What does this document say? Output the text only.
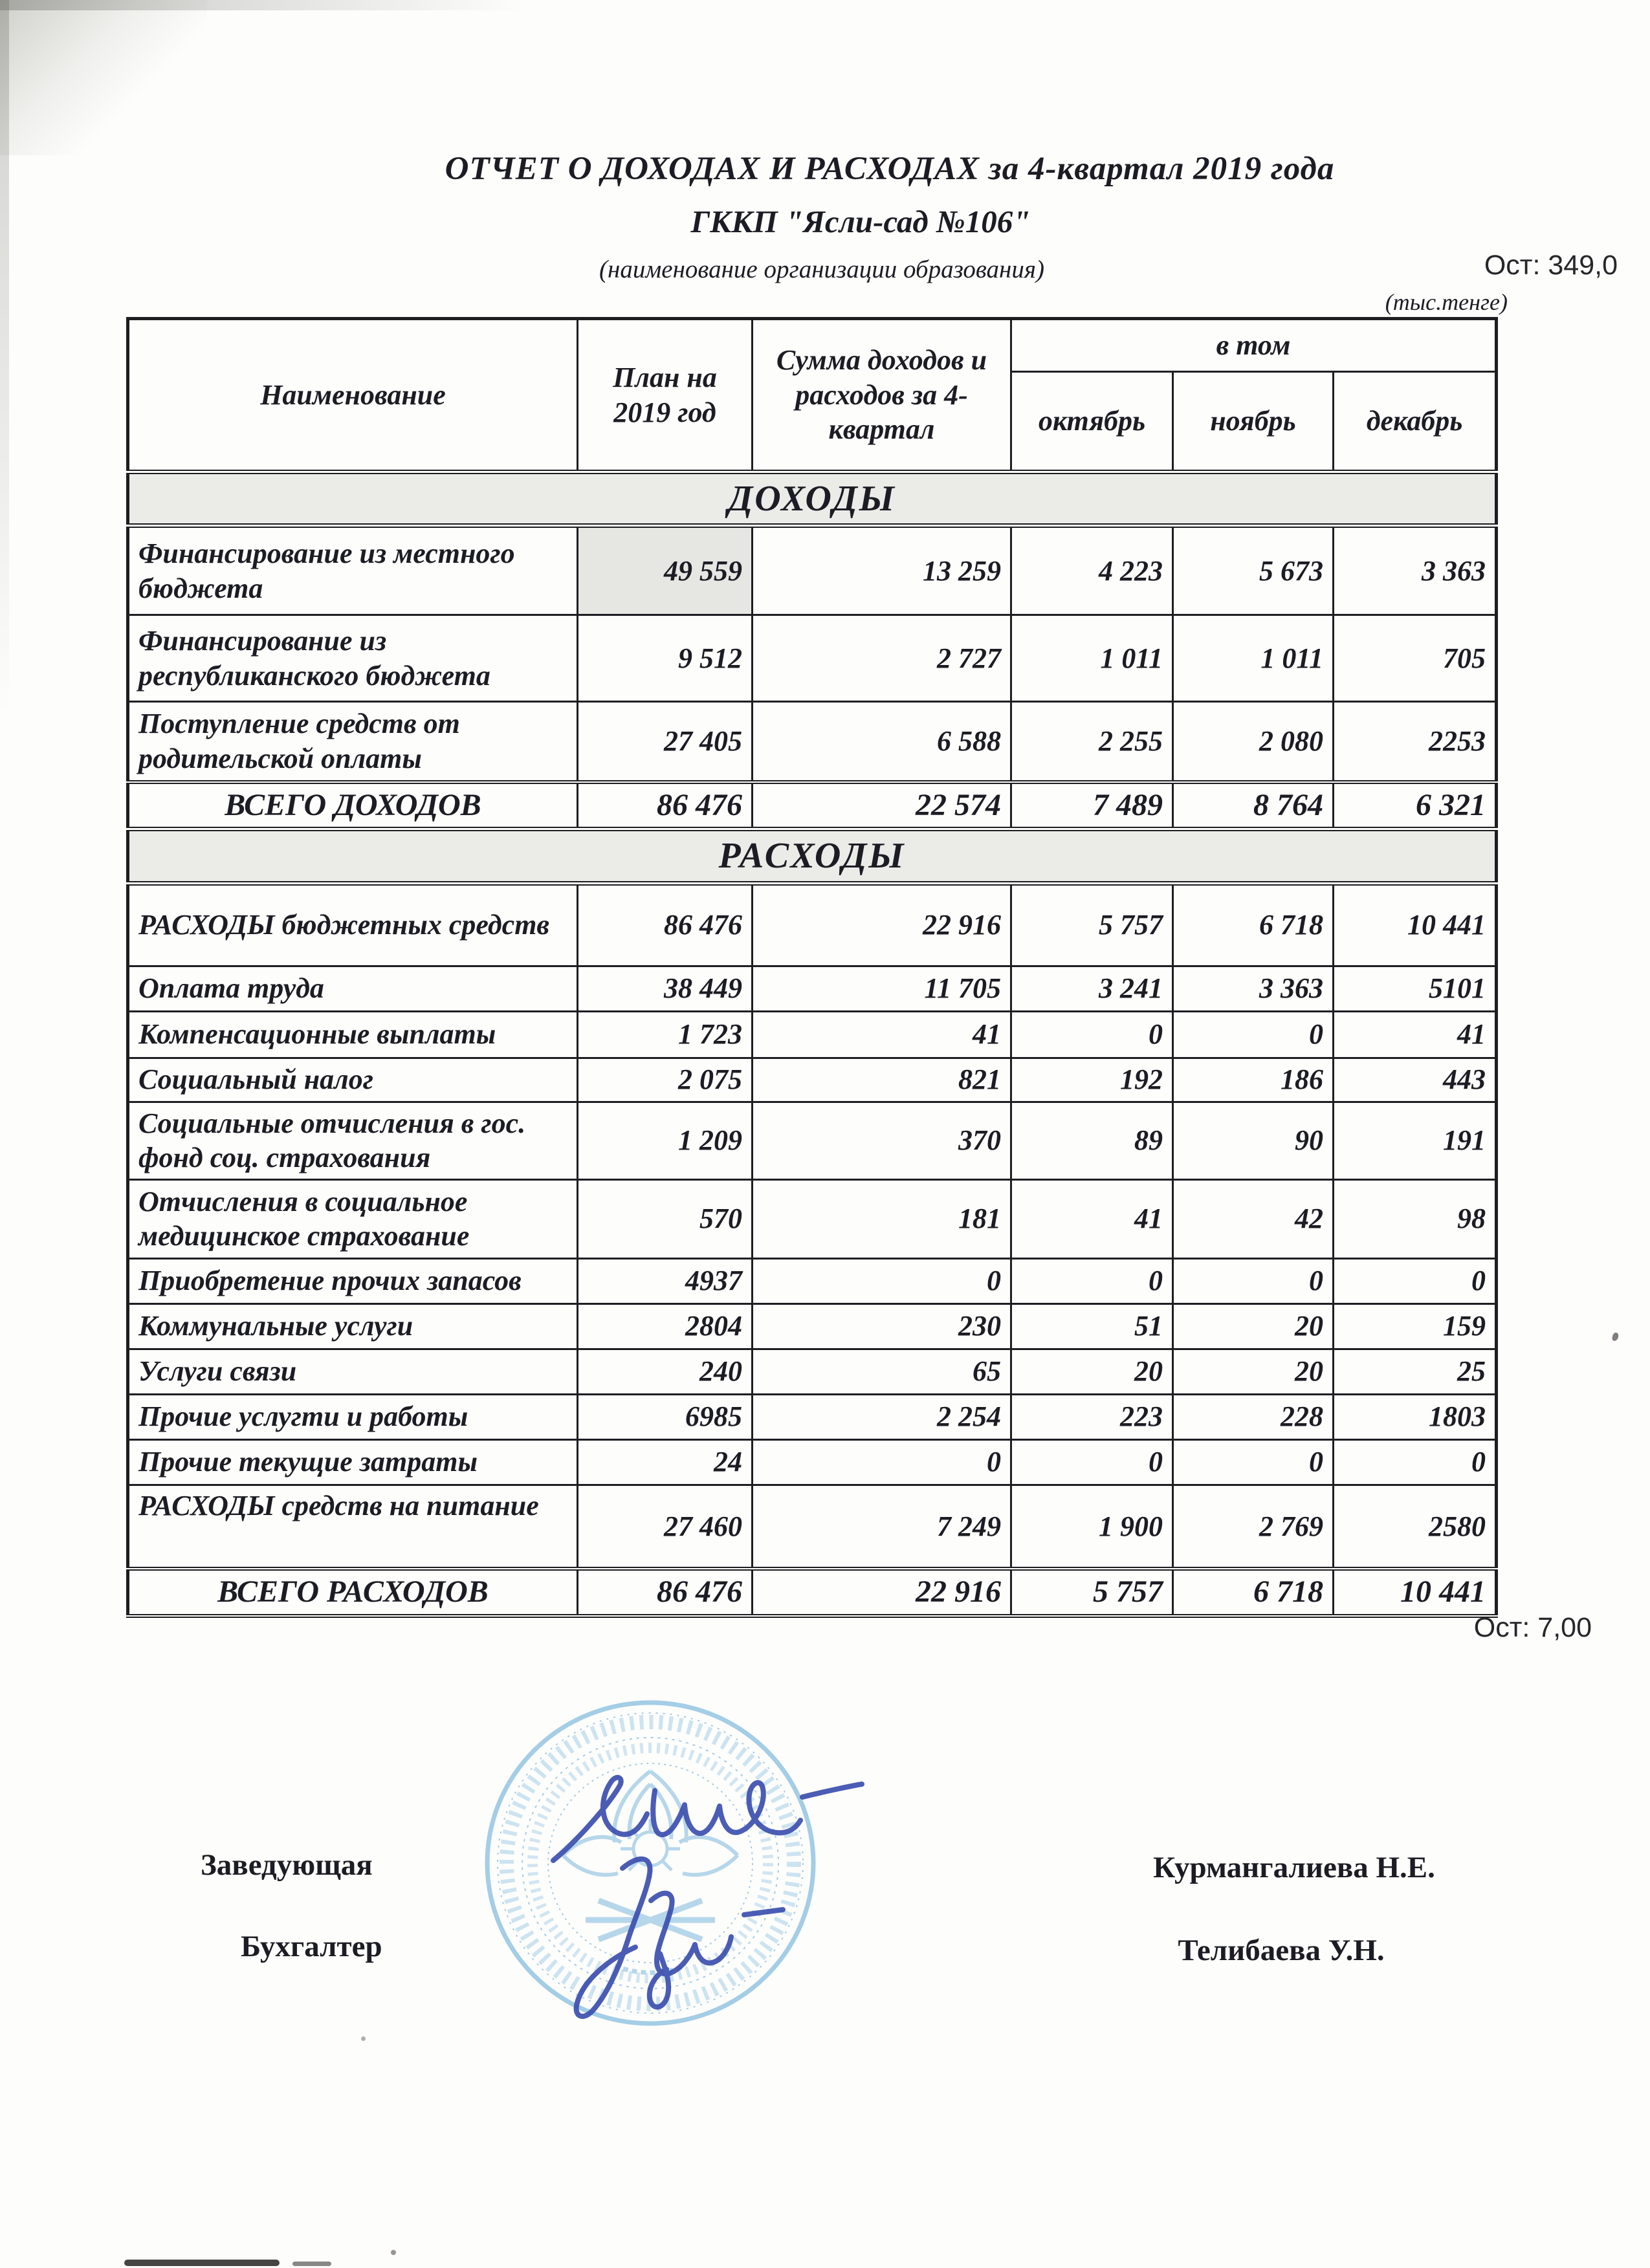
ОТЧЕТ О ДОХОДАХ И РАСХОДАХ за 4-квартал 2019 года
ГККП "Ясли-сад №106"
(наименование организации образования)	Ост: 349,0
(тыс.тенге)
Наименование	План на 2019 год	Сумма доходов и расходов за 4-квартал	в том		
			октябрь	ноябрь	декабрь
ДОХОДЫ					
Финансирование из местного бюджета	49 559	13 259	4 223	5 673	3 363
Финансирование из республиканского бюджета	9 512	2 727	1 011	1 011	705
Поступление средств от родительской оплаты	27 405	6 588	2 255	2 080	2253
ВСЕГО ДОХОДОВ	86 476	22 574	7 489	8 764	6 321
РАСХОДЫ					
РАСХОДЫ бюджетных средств	86 476	22 916	5 757	6 718	10 441
Оплата труда	38 449	11 705	3 241	3 363	5101
Компенсационные выплаты	1 723	41	0	0	41
Социальный налог	2 075	821	192	186	443
Социальные отчисления в гос. фонд соц. страхования	1 209	370	89	90	191
Отчисления в социальное медицинское страхование	570	181	41	42	98
Приобретение прочих запасов	4937	0	0	0	0
Коммунальные услуги	2804	230	51	20	159
Услуги связи	240	65	20	20	25
Прочие услугти и работы	6985	2 254	223	228	1803
Прочие текущие затраты	24	0	0	0	0
РАСХОДЫ средств на питание	27 460	7 249	1 900	2 769	2580
ВСЕГО РАСХОДОВ	86 476	22 916	5 757	6 718	10 441
Ост: 7,00
Заведующая
Бухгалтер
Курмангалиева Н.Е.
Телибаева У.Н.
